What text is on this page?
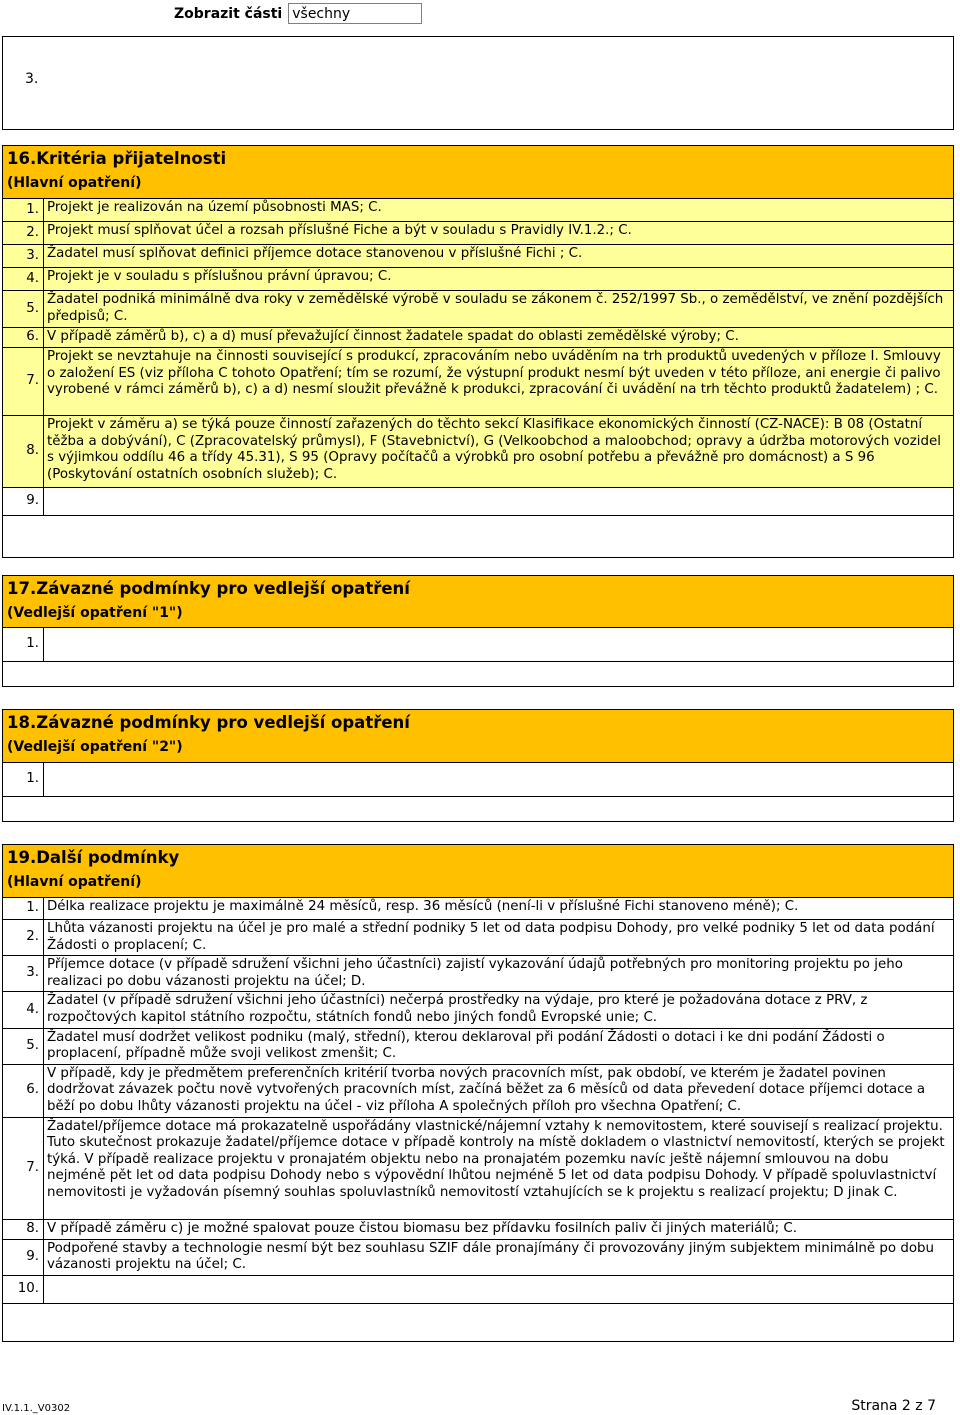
Zobrazit části všechny
3.
16.Kritéria přijatelnosti
(Hlavní opatření)
1. Projekt je realizován na území působnosti MAS; C.
2. Projekt musí splňovat účel a rozsah příslušné Fiche a být v souladu s Pravidly IV.1.2.; C.
3. Žadatel musí splňovat definici příjemce dotace stanovenou v příslušné Fichi ; C.
4. Projekt je v souladu s příslušnou právní úpravou; C.
5.
Žadatel podniká minimálně dva roky v zemědělské výrobě v souladu se zákonem č. 252/1997 Sb., o zemědělství, ve znění pozdějších předpisů; C.
6. V případě záměrů b), c) a d) musí převažující činnost žadatele spadat do oblasti zemědělské výroby; C.
7.
Projekt se nevztahuje na činnosti související s produkcí, zpracováním nebo uváděním na trh produktů uvedených v příloze I. Smlouvy o založení ES (viz příloha C tohoto Opatření; tím se rozumí, že výstupní produkt nesmí být uveden v této příloze, ani energie či palivo vyrobené v rámci záměrů b), c) a d) nesmí sloužit převážně k produkci, zpracování či uvádění na trh těchto produktů žadatelem) ; C.
8.
Projekt v záměru a) se týká pouze činností zařazených do těchto sekcí Klasifikace ekonomických činností (CZ-NACE): B 08 (Ostatní těžba a dobývání), C (Zpracovatelský průmysl), F (Stavebnictví), G (Velkoobchod a maloobchod; opravy a údržba motorových vozidel s výjimkou oddílu 46 a třídy 45.31), S 95 (Opravy počítačů a výrobků pro osobní potřebu a převážně pro domácnost) a S 96 (Poskytování ostatních osobních služeb); C.
9.
17.Závazné podmínky pro vedlejší opatření
(Vedlejší opatření "1")
1.
18.Závazné podmínky pro vedlejší opatření
(Vedlejší opatření "2")
1.
19.Další podmínky
(Hlavní opatření)
1. Délka realizace projektu je maximálně 24 měsíců, resp. 36 měsíců (není-li v příslušné Fichi stanoveno méně); C.
2.
Lhůta vázanosti projektu na účel je pro malé a střední podniky 5 let od data podpisu Dohody, pro velké podniky 5 let od data podání Žádosti o proplacení; C.
3.
Příjemce dotace (v případě sdružení všichni jeho účastníci) zajistí vykazování údajů potřebných pro monitoring projektu po jeho realizaci po dobu vázanosti projektu na účel; D.
4.
Žadatel (v případě sdružení všichni jeho účastníci) nečerpá prostředky na výdaje, pro které je požadována dotace z PRV, z rozpočtových kapitol státního rozpočtu, státních fondů nebo jiných fondů Evropské unie; C.
5.
Žadatel musí dodržet velikost podniku (malý, střední), kterou deklaroval při podání Žádosti o dotaci i ke dni podání Žádosti o proplacení, případně může svoji velikost zmenšit; C.
6.
V případě, kdy je předmětem preferenčních kritérií tvorba nových pracovních míst, pak období, ve kterém je žadatel povinen dodržovat závazek počtu nově vytvořených pracovních míst, začíná běžet za 6 měsíců od data převedení dotace příjemci dotace a běží po dobu lhůty vázanosti projektu na účel - viz příloha A společných příloh pro všechna Opatření; C.
7.
Žadatel/příjemce dotace má prokazatelně uspořádány vlastnické/nájemní vztahy k nemovitostem, které souvisejí s realizací projektu. Tuto skutečnost prokazuje žadatel/příjemce dotace v případě kontroly na místě dokladem o vlastnictví nemovitostí, kterých se projekt týká. V případě realizace projektu v pronajatém objektu nebo na pronajatém pozemku navíc ještě nájemní smlouvou na dobu nejméně pět let od data podpisu Dohody nebo s výpovědní lhůtou nejméně 5 let od data podpisu Dohody. V případě spoluvlastnictví nemovitosti je vyžadován písemný souhlas spoluvlastníků nemovitostí vztahujících se k projektu s realizací projektu; D jinak C.
8. V případě záměru c) je možné spalovat pouze čistou biomasu bez přídavku fosilních paliv či jiných materiálů; C.
9.
Podpořené stavby a technologie nesmí být bez souhlasu SZIF dále pronajímány či provozovány jiným subjektem minimálně po dobu vázanosti projektu na účel; C.
10.
IV.1.1._V0302	Strana 2 z 7
